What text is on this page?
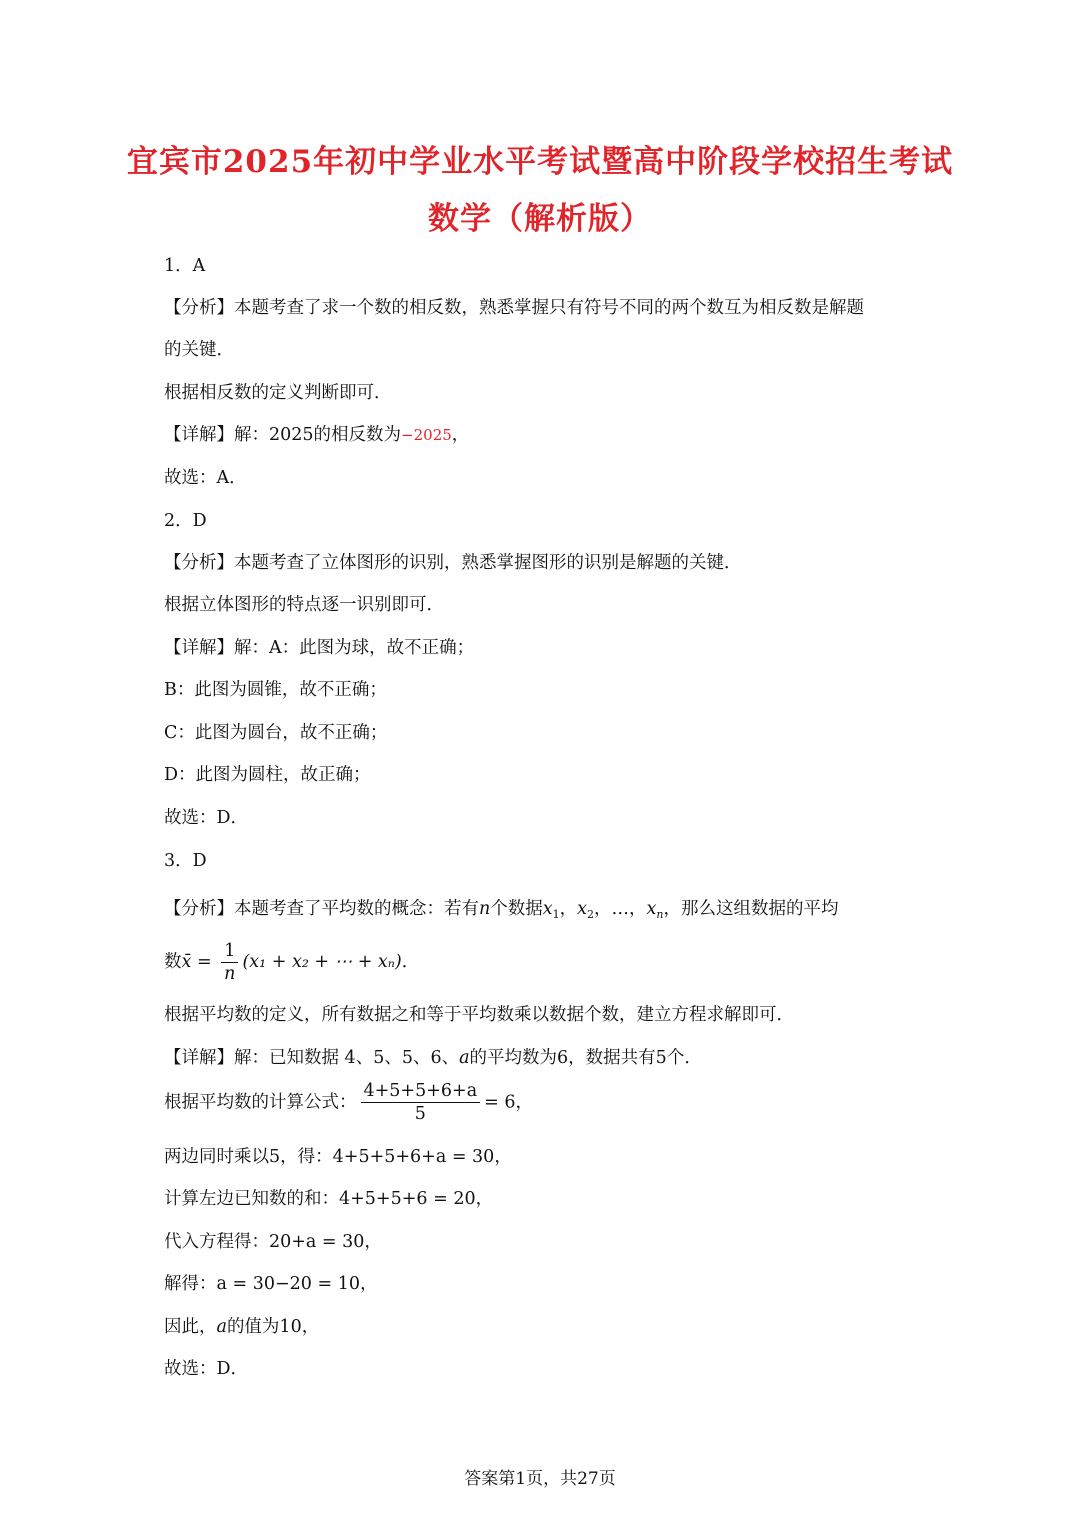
宜宾市2025年初中学业水平考试暨高中阶段学校招生考试
数学（解析版）
1．A
【分析】本题考查了求一个数的相反数，熟悉掌握只有符号不同的两个数互为相反数是解题
的关键．
根据相反数的定义判断即可．
【详解】解：2025的相反数为−2025，
故选：A．
2．D
【分析】本题考查了立体图形的识别，熟悉掌握图形的识别是解题的关键．
根据立体图形的特点逐一识别即可．
【详解】解：A：此图为球，故不正确；
B：此图为圆锥，故不正确；
C：此图为圆台，故不正确；
D：此图为圆柱，故正确；
故选：D．
3．D
【分析】本题考查了平均数的概念：若有n个数据$x_1$，$x_2$，…，$x_n$，那么这组数据的平均
数x̄ = $\frac{1}{n} (x_1 + x_2$ + ⋯ + xₙ)．
根据平均数的定义，所有数据之和等于平均数乘以数据个数，建立方程求解即可．
【详解】解：已知数据 4、5、5、6、a的平均数为6，数据共有5个．
根据平均数的计算公式： $\frac{4+5+5+6+a}{5} = 6$，
两边同时乘以5，得：4+5+5+6+a = 30，
计算左边已知数的和：4+5+5+6 = 20，
代入方程得：20+a = 30，
解得：a = 30−20 = 10，
因此，a的值为10，
故选：D．
答案第1页，共27页
